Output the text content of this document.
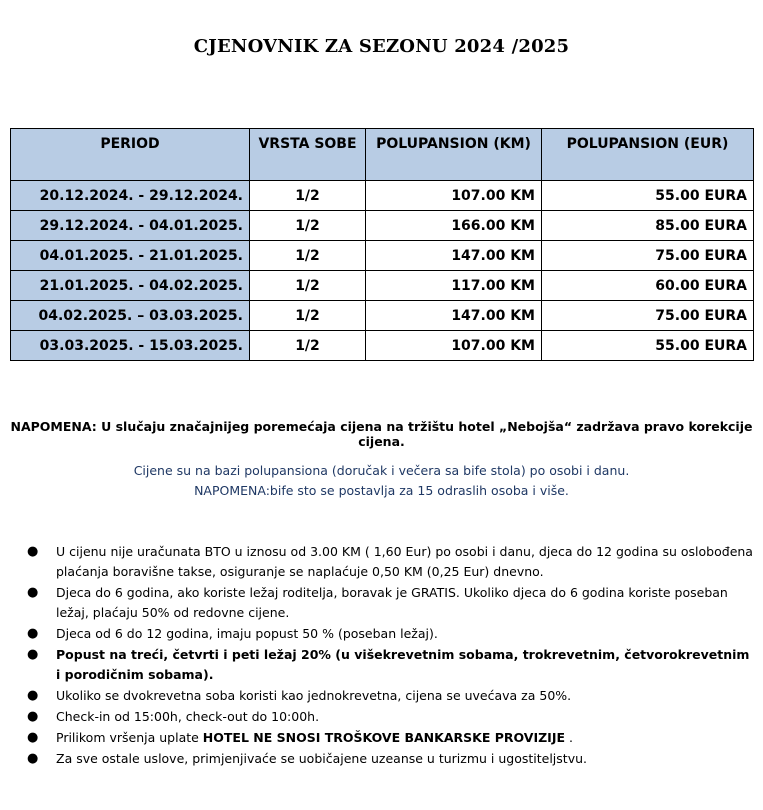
CJENOVNIK ZA SEZONU 2024 /2025
PERIOD	VRSTA SOBE	POLUPANSION (KM)	POLUPANSION (EUR)
20.12.2024. - 29.12.2024.	1/2	107.00 KM	55.00 EURA
29.12.2024. - 04.01.2025.	1/2	166.00 KM	85.00 EURA
04.01.2025. - 21.01.2025.	1/2	147.00 KM	75.00 EURA
21.01.2025. - 04.02.2025.	1/2	117.00 KM	60.00 EURA
04.02.2025. – 03.03.2025.	1/2	147.00 KM	75.00 EURA
03.03.2025. - 15.03.2025.	1/2	107.00 KM	55.00 EURA
NAPOMENA: U slučaju značajnijeg poremećaja cijena na tržištu hotel „Nebojša“ zadržava pravo korekcije cijena.
Cijene su na bazi polupansiona (doručak i večera sa bife stola) po osobi i danu.
NAPOMENA:bife sto se postavlja za 15 odraslih osoba i više.
● U cijenu nije uračunata BTO u iznosu od 3.00 KM ( 1,60 Eur) po osobi i danu, djeca do 12 godina su oslobođena plaćanja boravišne takse, osiguranje se naplaćuje 0,50 KM (0,25 Eur) dnevno.
● Djeca do 6 godina, ako koriste ležaj roditelja, boravak je GRATIS. Ukoliko djeca do 6 godina koriste poseban ležaj, plaćaju 50% od redovne cijene.
● Djeca od 6 do 12 godina, imaju popust 50 % (poseban ležaj).
● Popust na treći, četvrti i peti ležaj 20% (u višekrevetnim sobama, trokrevetnim, četvorokrevetnim i porodičnim sobama).
● Ukoliko se dvokrevetna soba koristi kao jednokrevetna, cijena se uvećava za 50%.
● Check-in od 15:00h, check-out do 10:00h.
● Prilikom vršenja uplate HOTEL NE SNOSI TROŠKOVE BANKARSKE PROVIZIJE .
● Za sve ostale uslove, primjenjivaće se uobičajene uzeanse u turizmu i ugostiteljstvu.
